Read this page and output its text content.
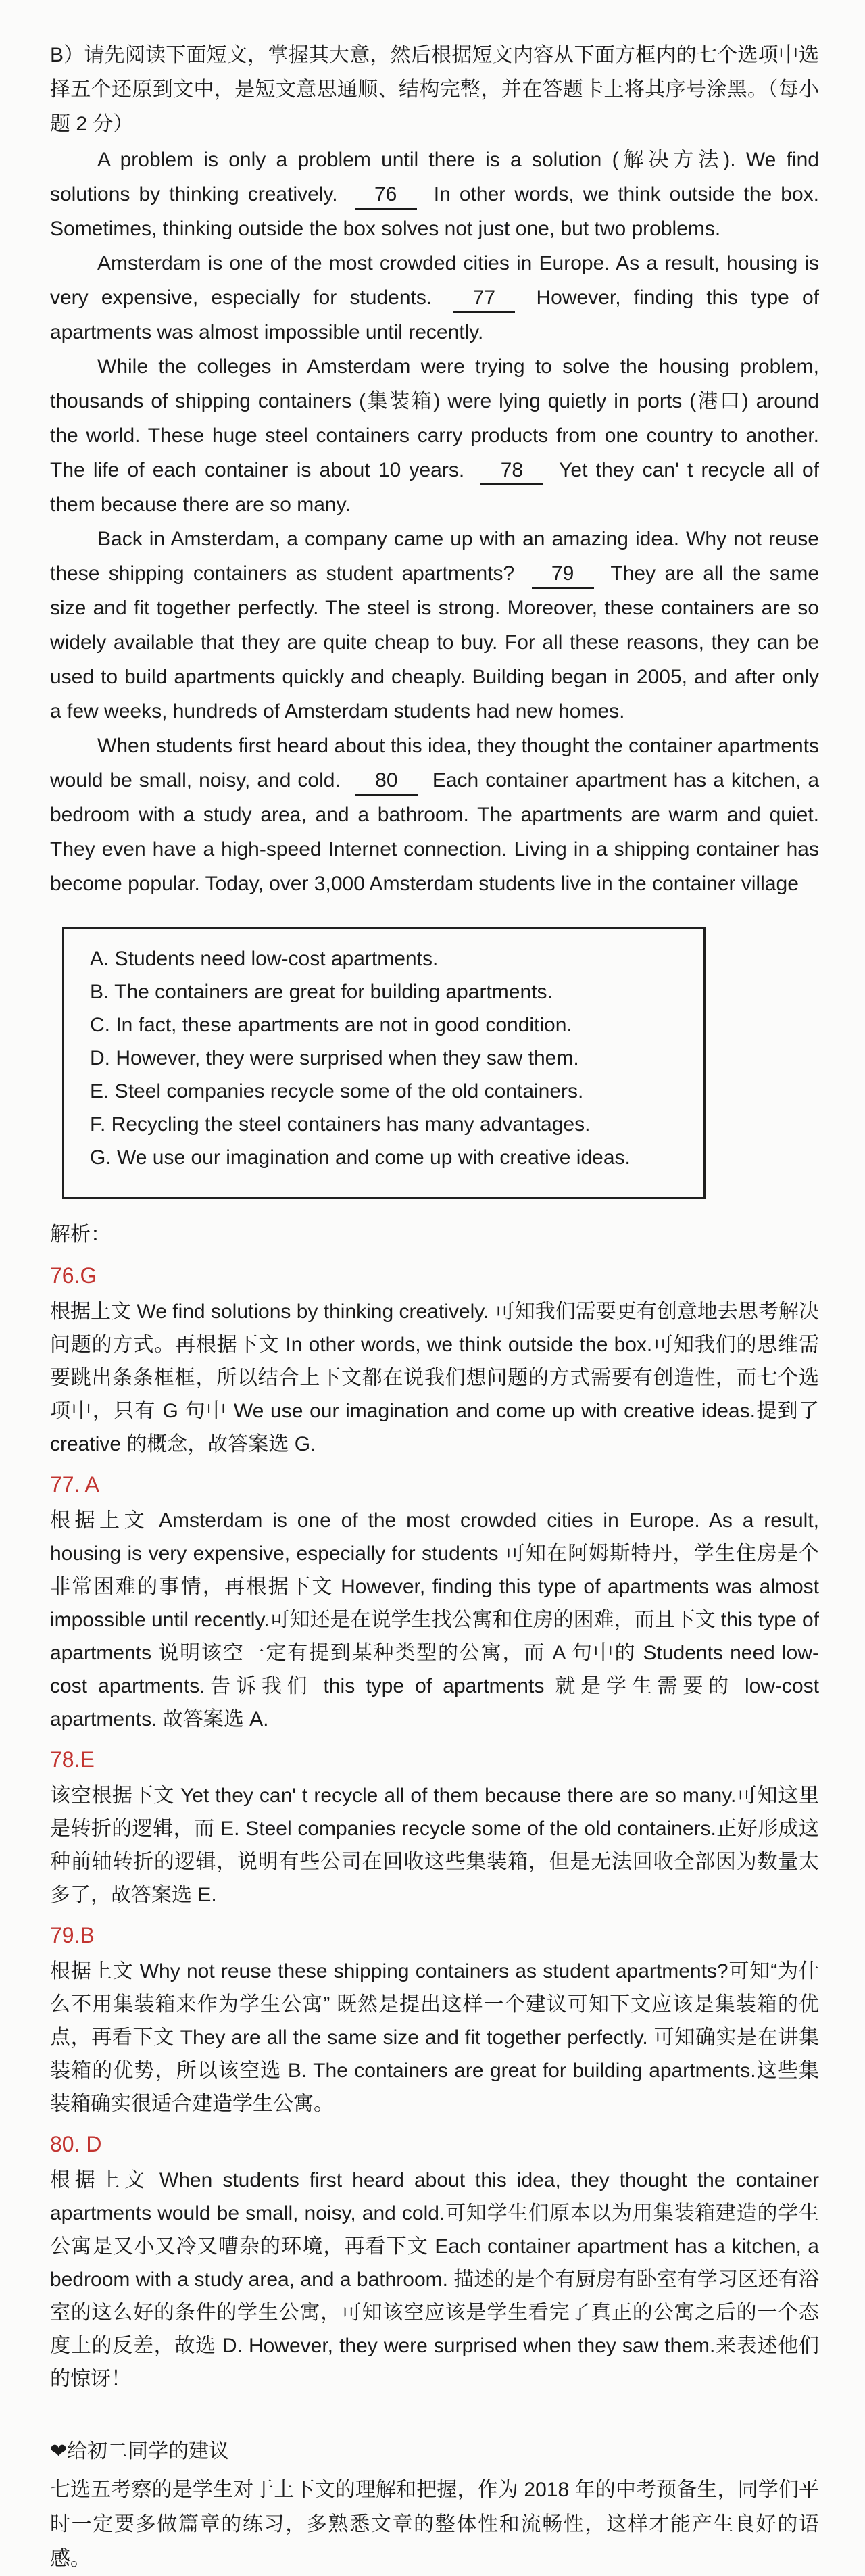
B）请先阅读下面短文，掌握其大意，然后根据短文内容从下面方框内的七个选项中选择五个还原到文中，是短文意思通顺、结构完整，并在答题卡上将其序号涂黑。（每小题 2 分）

A problem is only a problem until there is a solution (解决方法). We find solutions by thinking creatively. 76 In other words, we think outside the box. Sometimes, thinking outside the box solves not just one, but two problems.

Amsterdam is one of the most crowded cities in Europe. As a result, housing is very expensive, especially for students. 77 However, finding this type of apartments was almost impossible until recently.

While the colleges in Amsterdam were trying to solve the housing problem, thousands of shipping containers (集装箱) were lying quietly in ports (港口) around the world. These huge steel containers carry products from one country to another. The life of each container is about 10 years. 78 Yet they can' t recycle all of them because there are so many.

Back in Amsterdam, a company came up with an amazing idea. Why not reuse these shipping containers as student apartments? 79 They are all the same size and fit together perfectly. The steel is strong. Moreover, these containers are so widely available that they are quite cheap to buy. For all these reasons, they can be used to build apartments quickly and cheaply. Building began in 2005, and after only a few weeks, hundreds of Amsterdam students had new homes.

When students first heard about this idea, they thought the container apartments would be small, noisy, and cold. 80 Each container apartment has a kitchen, a bedroom with a study area, and a bathroom. The apartments are warm and quiet. They even have a high-speed Internet connection. Living in a shipping container has become popular. Today, over 3,000 Amsterdam students live in the container village

A. Students need low-cost apartments.

B. The containers are great for building apartments.

C. In fact, these apartments are not in good condition.

D. However, they were surprised when they saw them.

E. Steel companies recycle some of the old containers.

F. Recycling the steel containers has many advantages.

G. We use our imagination and come up with creative ideas.

解析：

76.G

根据上文 We find solutions by thinking creatively. 可知我们需要更有创意地去思考解决问题的方式。再根据下文 In other words, we think outside the box.可知我们的思维需要跳出条条框框，所以结合上下文都在说我们想问题的方式需要有创造性，而七个选项中，只有 G 句中 We use our imagination and come up with creative ideas.提到了 creative 的概念，故答案选 G.

77. A

根据上文 Amsterdam is one of the most crowded cities in Europe. As a result, housing is very expensive, especially for students 可知在阿姆斯特丹，学生住房是个非常困难的事情，再根据下文 However, finding this type of apartments was almost impossible until recently.可知还是在说学生找公寓和住房的困难，而且下文 this type of apartments 说明该空一定有提到某种类型的公寓，而 A 句中的 Students need low-cost apartments.告诉我们 this type of apartments 就是学生需要的 low-cost apartments. 故答案选 A.

78.E

该空根据下文 Yet they can' t recycle all of them because there are so many.可知这里是转折的逻辑，而 E. Steel companies recycle some of the old containers.正好形成这种前轴转折的逻辑，说明有些公司在回收这些集装箱，但是无法回收全部因为数量太多了，故答案选 E.

79.B

根据上文 Why not reuse these shipping containers as student apartments?可知“为什么不用集装箱来作为学生公寓” 既然是提出这样一个建议可知下文应该是集装箱的优点，再看下文 They are all the same size and fit together perfectly. 可知确实是在讲集装箱的优势，所以该空选 B. The containers are great for building apartments.这些集装箱确实很适合建造学生公寓。

80. D

根据上文 When students first heard about this idea, they thought the container apartments would be small, noisy, and cold.可知学生们原本以为用集装箱建造的学生公寓是又小又冷又嘈杂的环境，再看下文 Each container apartment has a kitchen, a bedroom with a study area, and a bathroom. 描述的是个有厨房有卧室有学习区还有浴室的这么好的条件的学生公寓，可知该空应该是学生看完了真正的公寓之后的一个态度上的反差，故选 D. However, they were surprised when they saw them.来表述他们的惊讶！

❤给初二同学的建议

七选五考察的是学生对于上下文的理解和把握，作为 2018 年的中考预备生，同学们平时一定要多做篇章的练习，多熟悉文章的整体性和流畅性，这样才能产生良好的语感。
